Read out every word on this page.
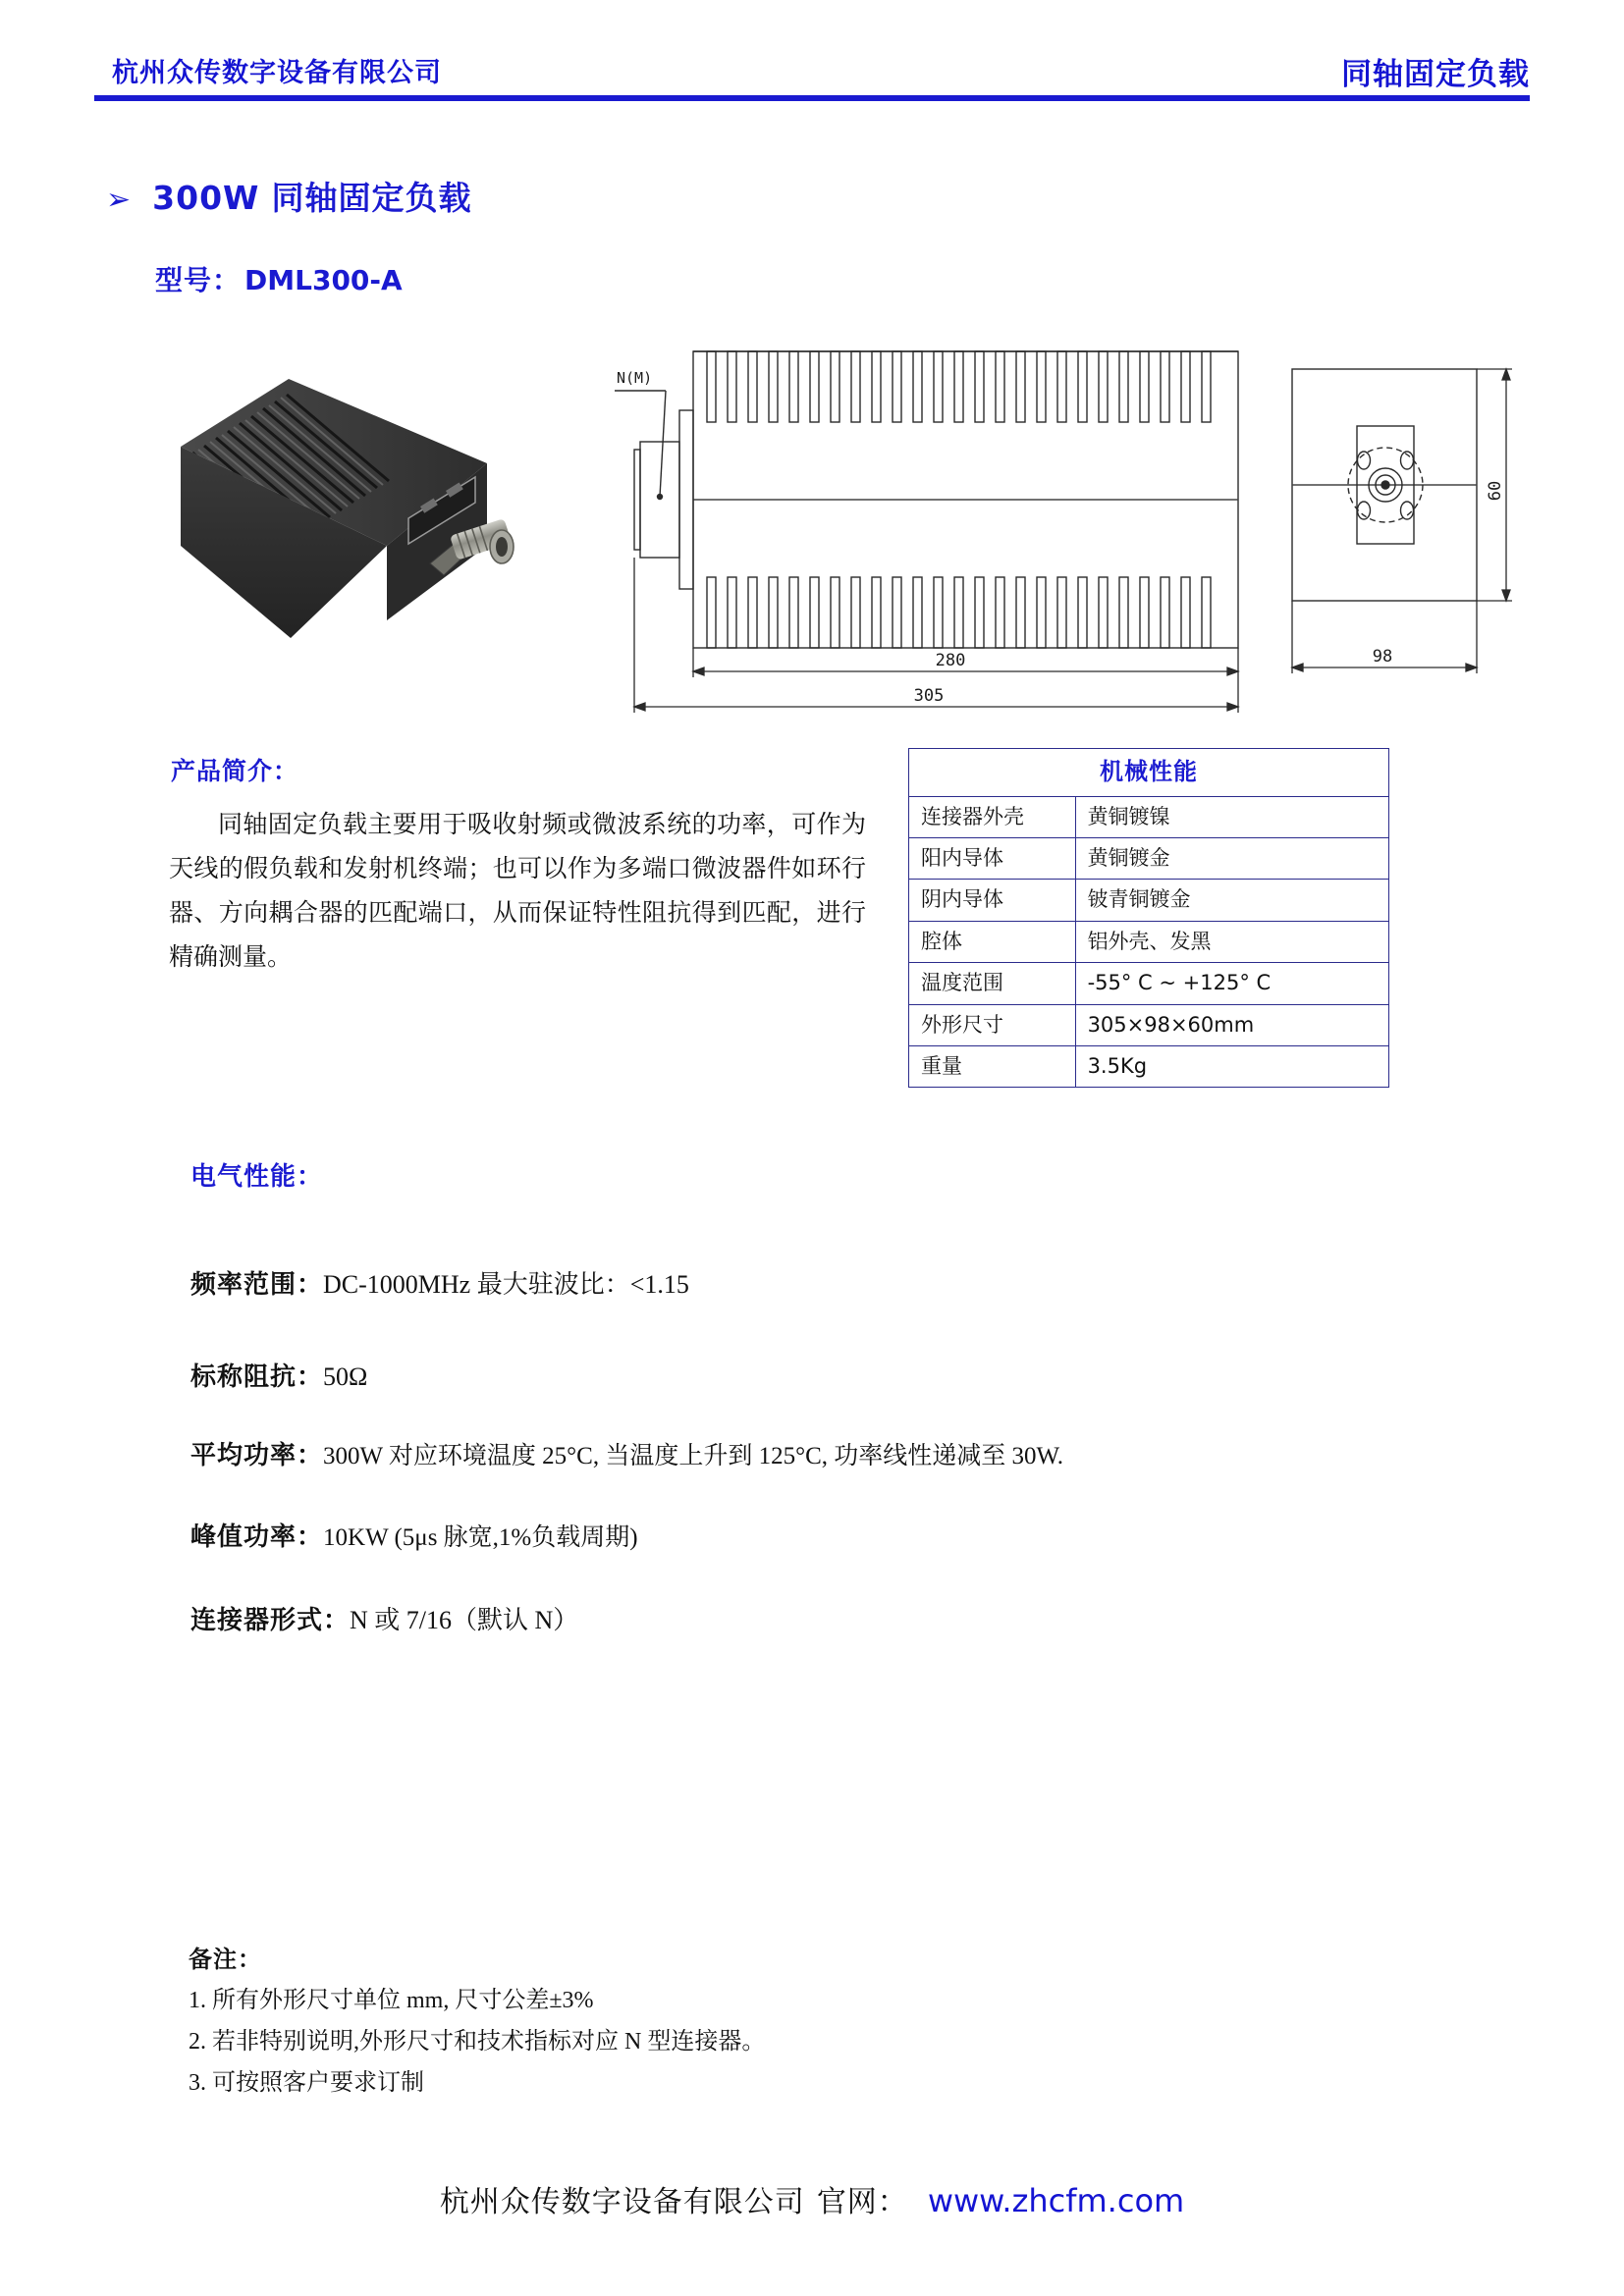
杭州众传数字设备有限公司	同轴固定负载
➢ 300W 同轴固定负载
型号： DML300-A
N(M)
280
305
60
98
产品简介：
同轴固定负载主要用于吸收射频或微波系统的功率，可作为天线的假负载和发射机终端；也可以作为多端口微波器件如环行器、方向耦合器的匹配端口，从而保证特性阻抗得到匹配，进行精确测量。
机械性能	
连接器外壳	黄铜镀镍
阳内导体	黄铜镀金
阴内导体	铍青铜镀金
腔体	铝外壳、发黑
温度范围	-55° C ~ +125° C
外形尺寸	305×98×60mm
重量	3.5Kg
电气性能：
频率范围：DC-1000MHz 最大驻波比：<1.15
标称阻抗：50Ω
平均功率：300W 对应环境温度 25°C, 当温度上升到 125°C, 功率线性递减至 30W.
峰值功率：10KW (5μs 脉宽,1%负载周期)
连接器形式：N 或 7/16（默认 N）
备注：
1. 所有外形尺寸单位 mm, 尺寸公差±3%
2. 若非特别说明,外形尺寸和技术指标对应 N 型连接器。
3. 可按照客户要求订制
杭州众传数字设备有限公司 官网： www.zhcfm.com
